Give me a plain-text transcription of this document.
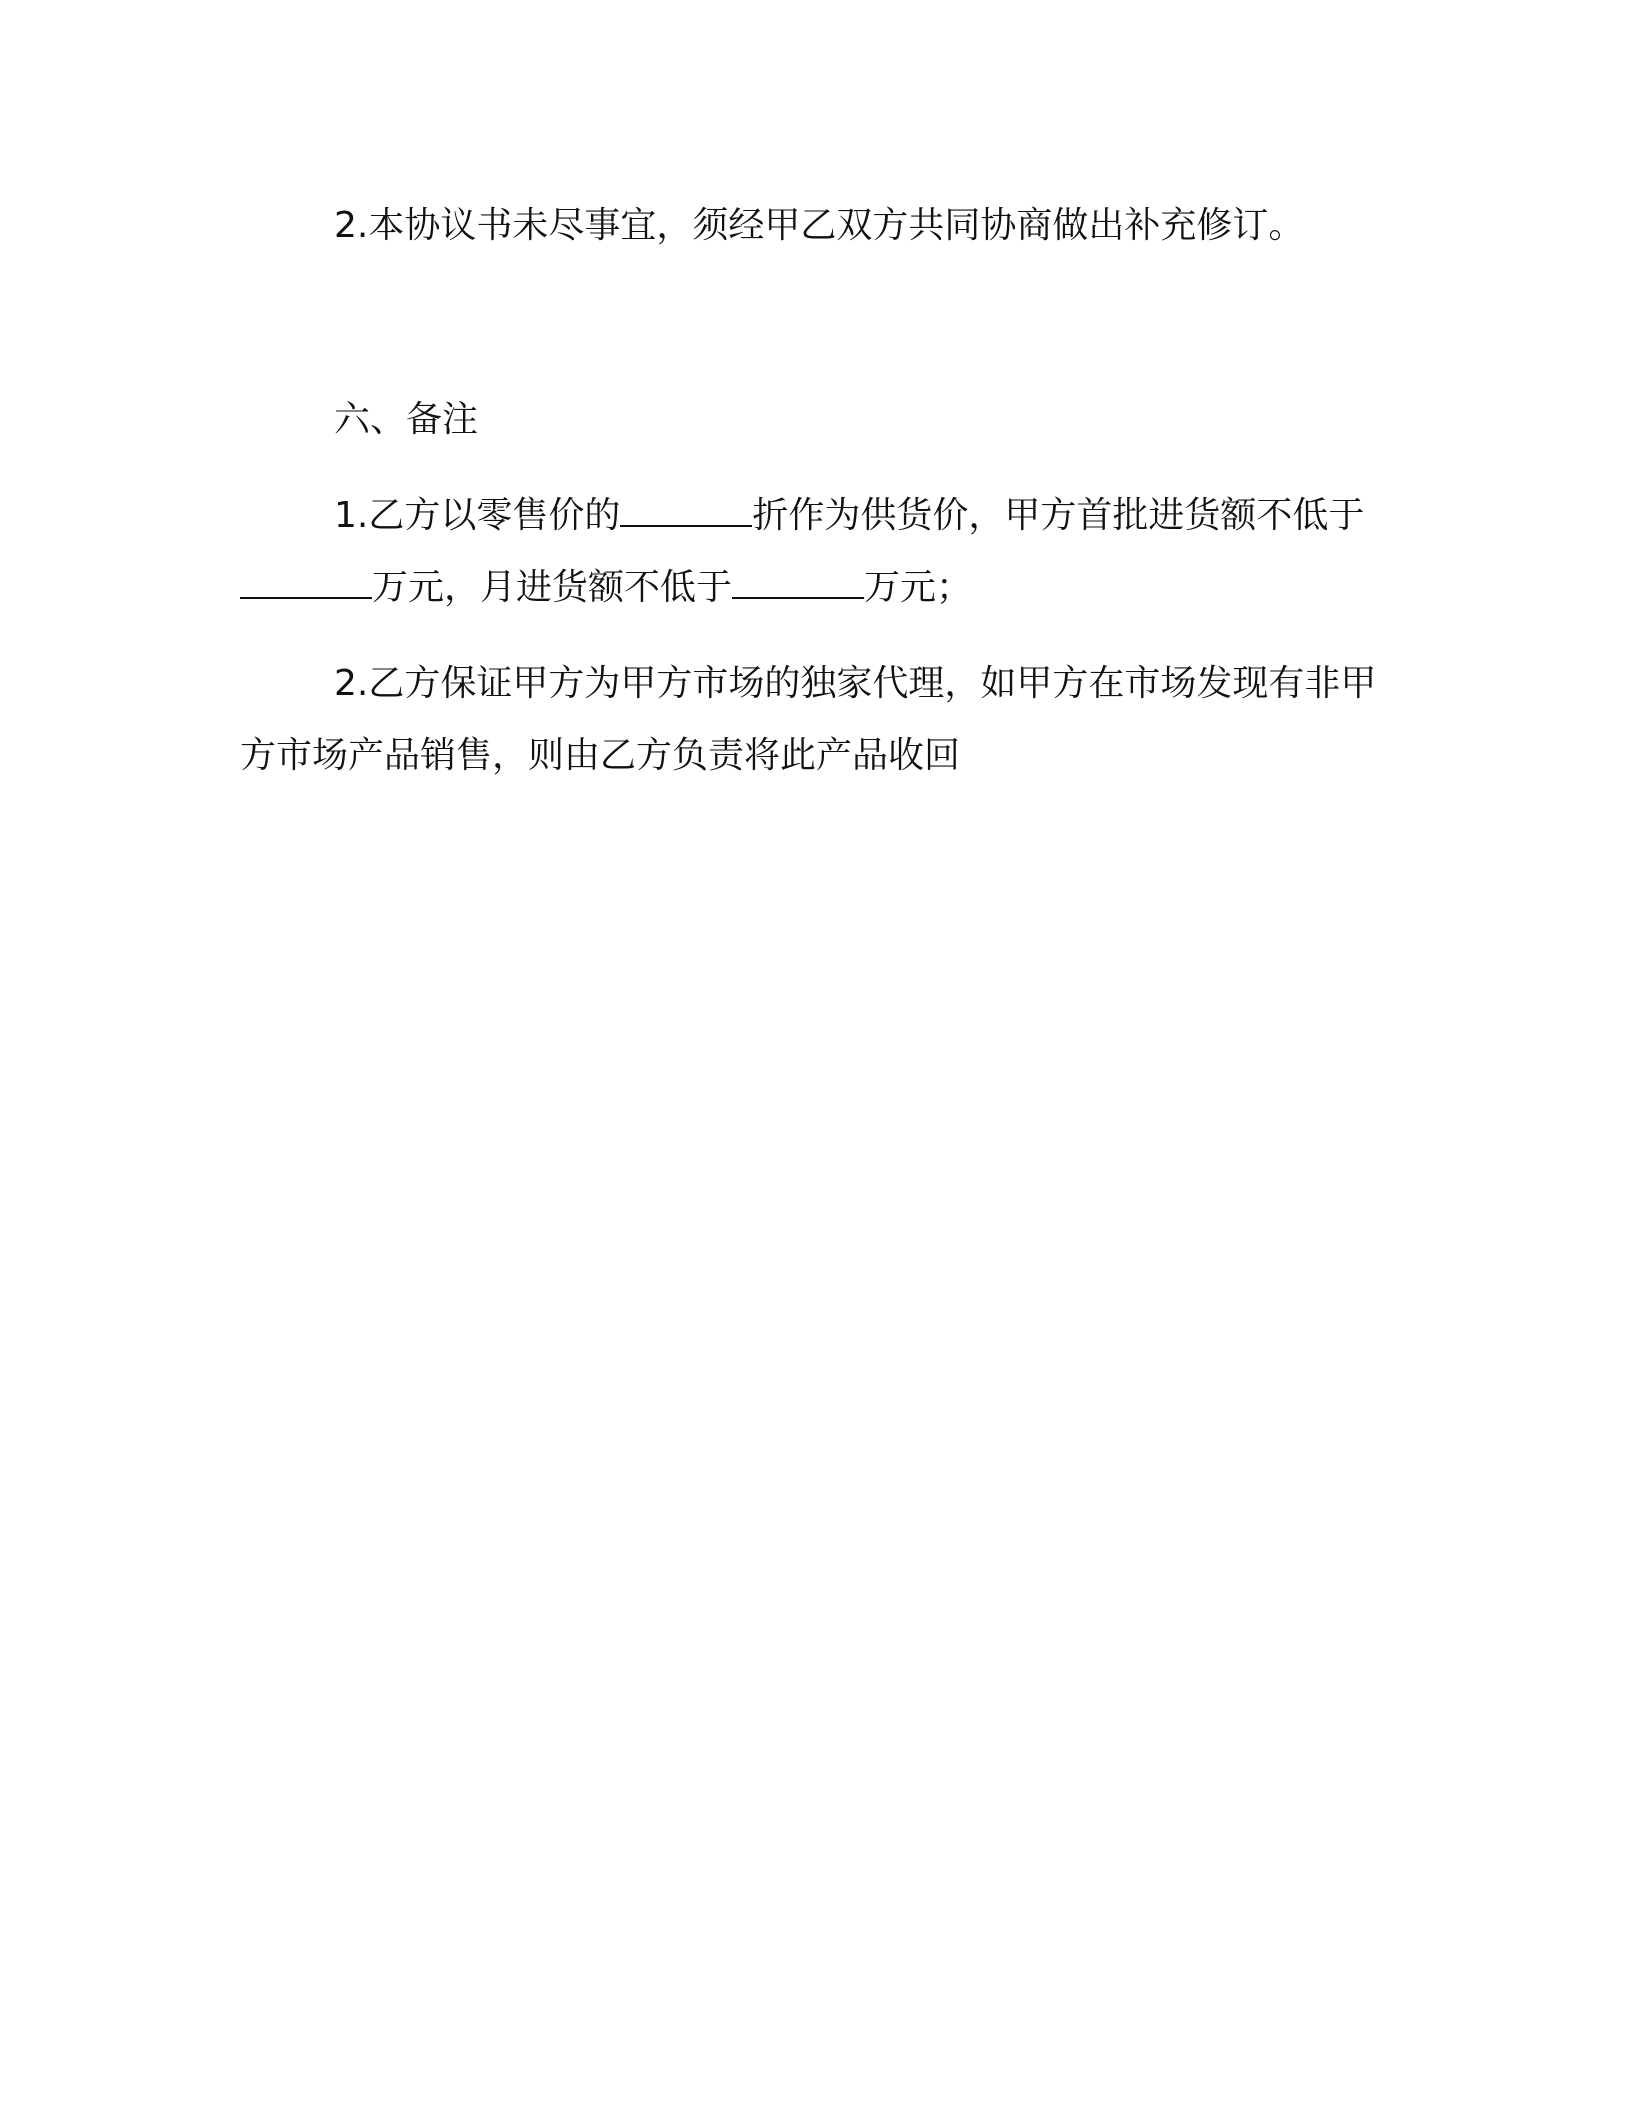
2.本协议书未尽事宜，须经甲乙双方共同协商做出补充修订。

六、备注

1.乙方以零售价的	折作为供货价，甲方首批进货额不低于万元，月进货额不低于	万元；

2.乙方保证甲方为甲方市场的独家代理，如甲方在市场发现有非甲方市场产品销售，则由乙方负责将此产品收回
